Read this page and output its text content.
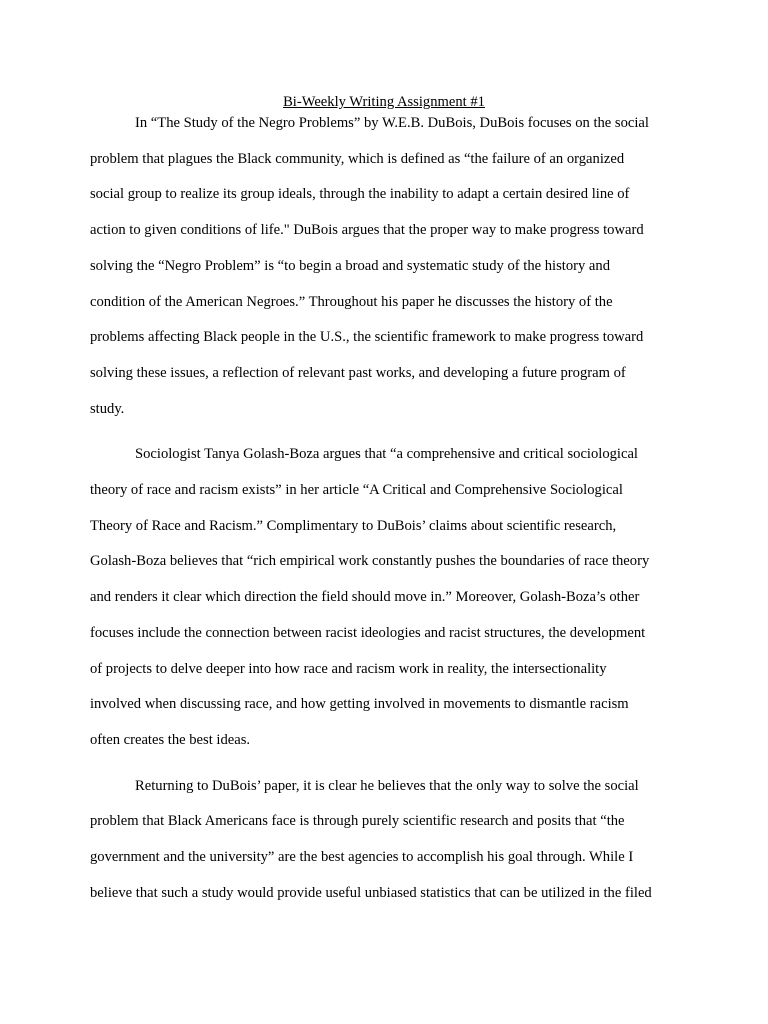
Bi-Weekly Writing Assignment #1

In “The Study of the Negro Problems” by W.E.B. DuBois, DuBois focuses on the social
problem that plagues the Black community, which is defined as “the failure of an organized
social group to realize its group ideals, through the inability to adapt a certain desired line of
action to given conditions of life." DuBois argues that the proper way to make progress toward
solving the “Negro Problem” is “to begin a broad and systematic study of the history and
condition of the American Negroes.” Throughout his paper he discusses the history of the
problems affecting Black people in the U.S., the scientific framework to make progress toward
solving these issues, a reflection of relevant past works, and developing a future program of
study.
Sociologist Tanya Golash-Boza argues that “a comprehensive and critical sociological
theory of race and racism exists” in her article “A Critical and Comprehensive Sociological
Theory of Race and Racism.” Complimentary to DuBois’ claims about scientific research,
Golash-Boza believes that “rich empirical work constantly pushes the boundaries of race theory
and renders it clear which direction the field should move in.” Moreover, Golash-Boza’s other
focuses include the connection between racist ideologies and racist structures, the development
of projects to delve deeper into how race and racism work in reality, the intersectionality
involved when discussing race, and how getting involved in movements to dismantle racism
often creates the best ideas.
Returning to DuBois’ paper, it is clear he believes that the only way to solve the social
problem that Black Americans face is through purely scientific research and posits that “the
government and the university” are the best agencies to accomplish his goal through. While I
believe that such a study would provide useful unbiased statistics that can be utilized in the filed
